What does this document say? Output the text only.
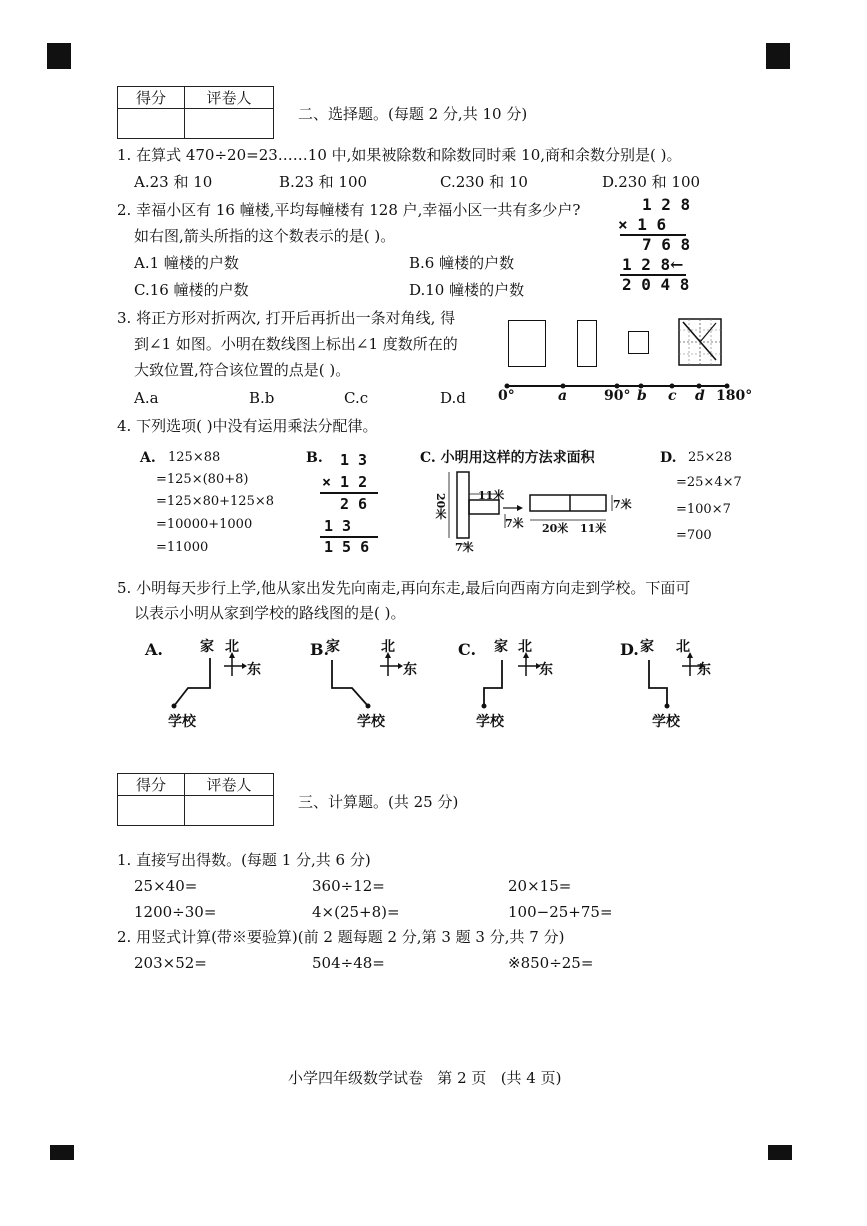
得分	评卷人

二、选择题。(每题 2 分,共 10 分)
1. 在算式 470÷20=23……10 中,如果被除数和除数同时乘 10,商和余数分别是( )。
A.23 和 10	B.23 和 100	C.230 和 10	D.230 和 100
2. 幸福小区有 16 幢楼,平均每幢楼有 128 户,幸福小区一共有多少户?
如右图,箭头所指的这个数表示的是( )。
A.1 幢楼的户数	B.6 幢楼的户数
C.16 幢楼的户数	D.10 幢楼的户数
1 2 8
× 1 6
7 6 8
1 2 8 ←
2 0 4 8
3. 将正方形对折两次, 打开后再折出一条对角线, 得
到∠1 如图。小明在数线图上标出∠1 度数所在的
大致位置,符合该位置的点是( )。
A.a	B.b	C.c	D.d 0°	a	90° b c d 180°
4. 下列选项( )中没有运用乘法分配律。
A. 125×88
=125×(80+8)
=125×80+125×8
=10000+1000
=11000
B. 1 3
× 1 2
2 6
1 3
1 5 6
C. 小明用这样的方法求面积
20米	11米
7米
7米
20米 11米
7米
D. 25×28
=25×4×7
=100×7
=700
5. 小明每天步行上学,他从家出发先向南走,再向东走,最后向西南方向走到学校。下面可
以表示小明从家到学校的路线图的是( )。
A.	家 北
东
学校
B.
家	北
东
学校
C. 家 北
东
学校
D. 家 北
东
学校
得分	评卷人

三、计算题。(共 25 分)
1. 直接写出得数。(每题 1 分,共 6 分)
25×40=	360÷12=	20×15=
1200÷30=	4×(25+8)=	100−25+75=
2. 用竖式计算(带※要验算)(前 2 题每题 2 分,第 3 题 3 分,共 7 分)
203×52=	504÷48=	※850÷25=
小学四年级数学试卷   第 2 页   (共 4 页)
